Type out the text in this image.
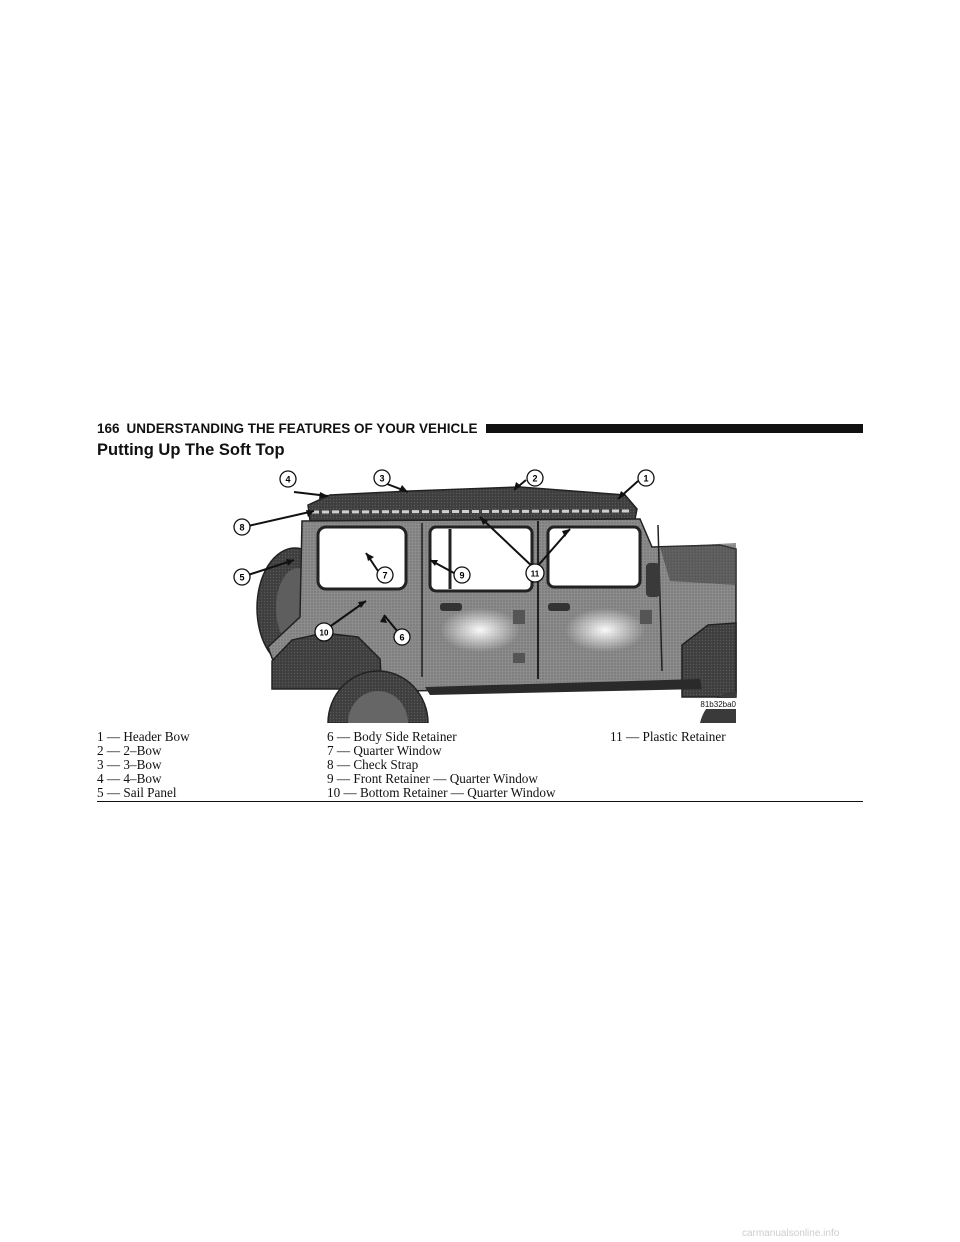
166 UNDERSTANDING THE FEATURES OF YOUR VEHICLE
Putting Up The Soft Top
1
2
3
4
5
6
7
8
9
10
11
81b32ba0
1 — Header Bow
2 — 2–Bow
3 — 3–Bow
4 — 4–Bow
5 — Sail Panel
6 — Body Side Retainer
7 — Quarter Window
8 — Check Strap
9 — Front Retainer — Quarter Window
10 — Bottom Retainer — Quarter Window
11 — Plastic Retainer
carmanualsonline.info
